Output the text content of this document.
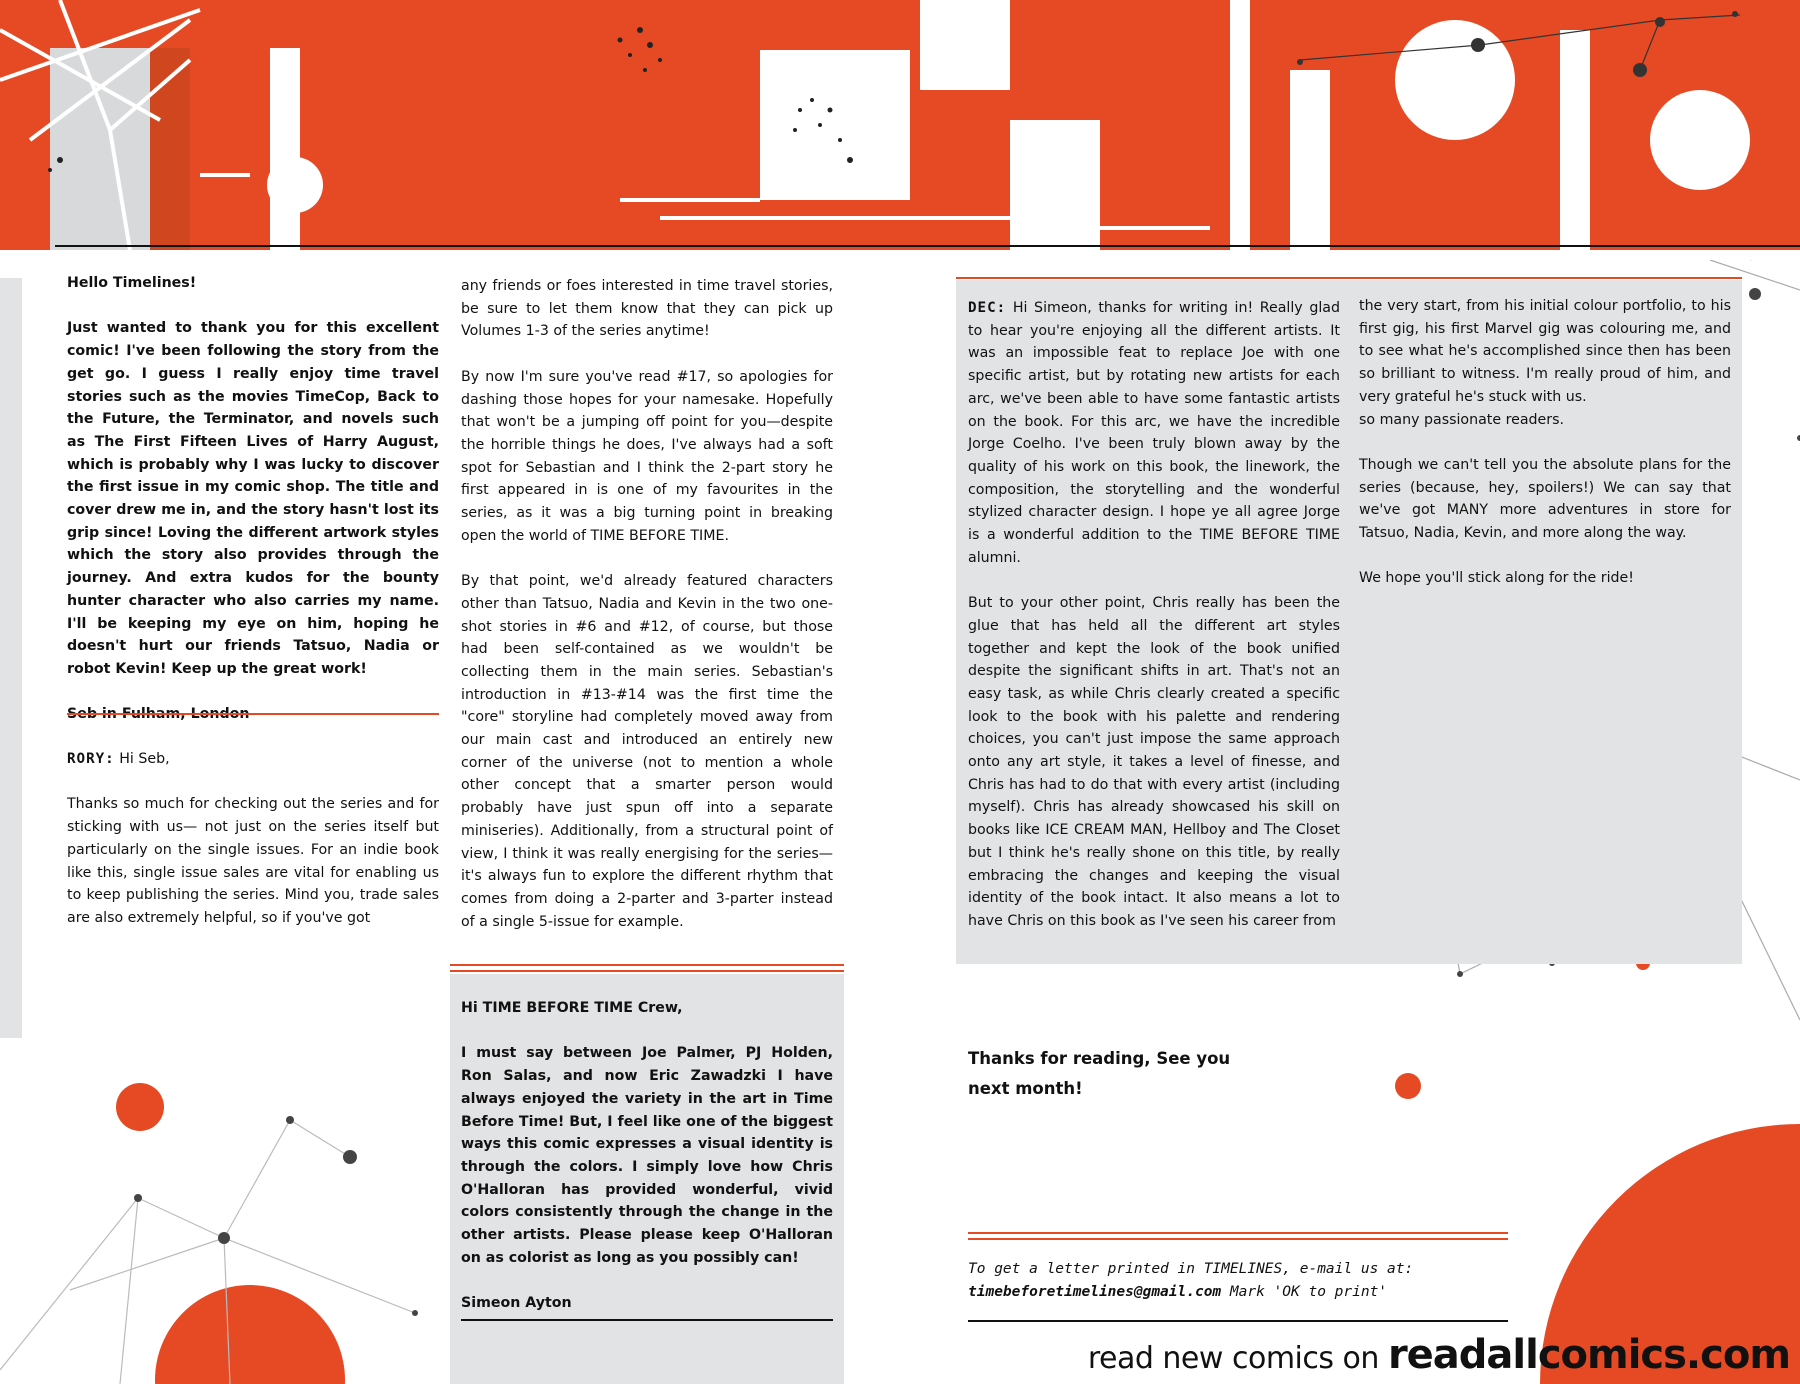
Hello Timelines!

Just wanted to thank you for this excellent comic! I've been following the story from the get go. I guess I really enjoy time travel stories such as the movies TimeCop, Back to the Future, the Terminator, and novels such as The First Fifteen Lives of Harry August, which is probably why I was lucky to discover the first issue in my comic shop. The title and cover drew me in, and the story hasn't lost its grip since! Loving the different artwork styles which the story also provides through the journey. And extra kudos for the bounty hunter character who also carries my name. I'll be keeping my eye on him, hoping he doesn't hurt our friends Tatsuo, Nadia or robot Kevin! Keep up the great work!

RORY: Hi Seb,

Thanks so much for checking out the series and for sticking with us— not just on the series itself but particularly on the single issues. For an indie book like this, single issue sales are vital for enabling us to keep publishing the series. Mind you, trade sales are also extremely helpful, so if you've got

any friends or foes interested in time travel stories, be sure to let them know that they can pick up Volumes 1-3 of the series anytime!

By now I'm sure you've read #17, so apologies for dashing those hopes for your namesake. Hopefully that won't be a jumping off point for you—despite the horrible things he does, I've always had a soft spot for Sebastian and I think the 2-part story he first appeared in is one of my favourites in the series, as it was a big turning point in breaking open the world of TIME BEFORE TIME.

By that point, we'd already featured characters other than Tatsuo, Nadia and Kevin in the two one-shot stories in #6 and #12, of course, but those had been self-contained as we wouldn't be collecting them in the main series. Sebastian's introduction in #13-#14 was the first time the "core" storyline had completely moved away from our main cast and introduced an entirely new corner of the universe (not to mention a whole other concept that a smarter person would probably have just spun off into a separate miniseries). Additionally, from a structural point of view, I think it was really energising for the series—it's always fun to explore the different rhythm that comes from doing a 2-parter and 3-parter instead of a single 5-issue for example.

Hi TIME BEFORE TIME Crew,

I must say between Joe Palmer, PJ Holden, Ron Salas, and now Eric Zawadzki I have always enjoyed the variety in the art in Time Before Time! But, I feel like one of the biggest ways this comic expresses a visual identity is through the colors. I simply love how Chris O'Halloran has provided wonderful, vivid colors consistently through the change in the other artists. Please please keep O'Halloran on as colorist as long as you possibly can!

Simeon Ayton

DEC: Hi Simeon, thanks for writing in! Really glad to hear you're enjoying all the different artists. It was an impossible feat to replace Joe with one specific artist, but by rotating new artists for each arc, we've been able to have some fantastic artists on the book. For this arc, we have the incredible Jorge Coelho. I've been truly blown away by the quality of his work on this book, the linework, the composition, the storytelling and the wonderful stylized character design. I hope ye all agree Jorge is a wonderful addition to the TIME BEFORE TIME alumni.

But to your other point, Chris really has been the glue that has held all the different art styles together and kept the look of the book unified despite the significant shifts in art. That's not an easy task, as while Chris clearly created a specific look to the book with his palette and rendering choices, you can't just impose the same approach onto any art style, it takes a level of finesse, and Chris has had to do that with every artist (including myself). Chris has already showcased his skill on books like ICE CREAM MAN, Hellboy and The Closet but I think he's really shone on this title, by really embracing the changes and keeping the visual identity of the book intact. It also means a lot to have Chris on this book as I've seen his career from

the very start, from his initial colour portfolio, to his first gig, his first Marvel gig was colouring me, and to see what he's accomplished since then has been so brilliant to witness. I'm really proud of him, and very grateful he's stuck with us.

so many passionate readers.

Though we can't tell you the absolute plans for the series (because, hey, spoilers!) We can say that we've got MANY more adventures in store for Tatsuo, Nadia, Kevin, and more along the way.

We hope you'll stick along for the ride!

Thanks for reading, See you
next month!
To get a letter printed in TIMELINES, e-mail us at:
timebeforetimelines@gmail.com Mark 'OK to print'
read new comics on readallcomics.com
